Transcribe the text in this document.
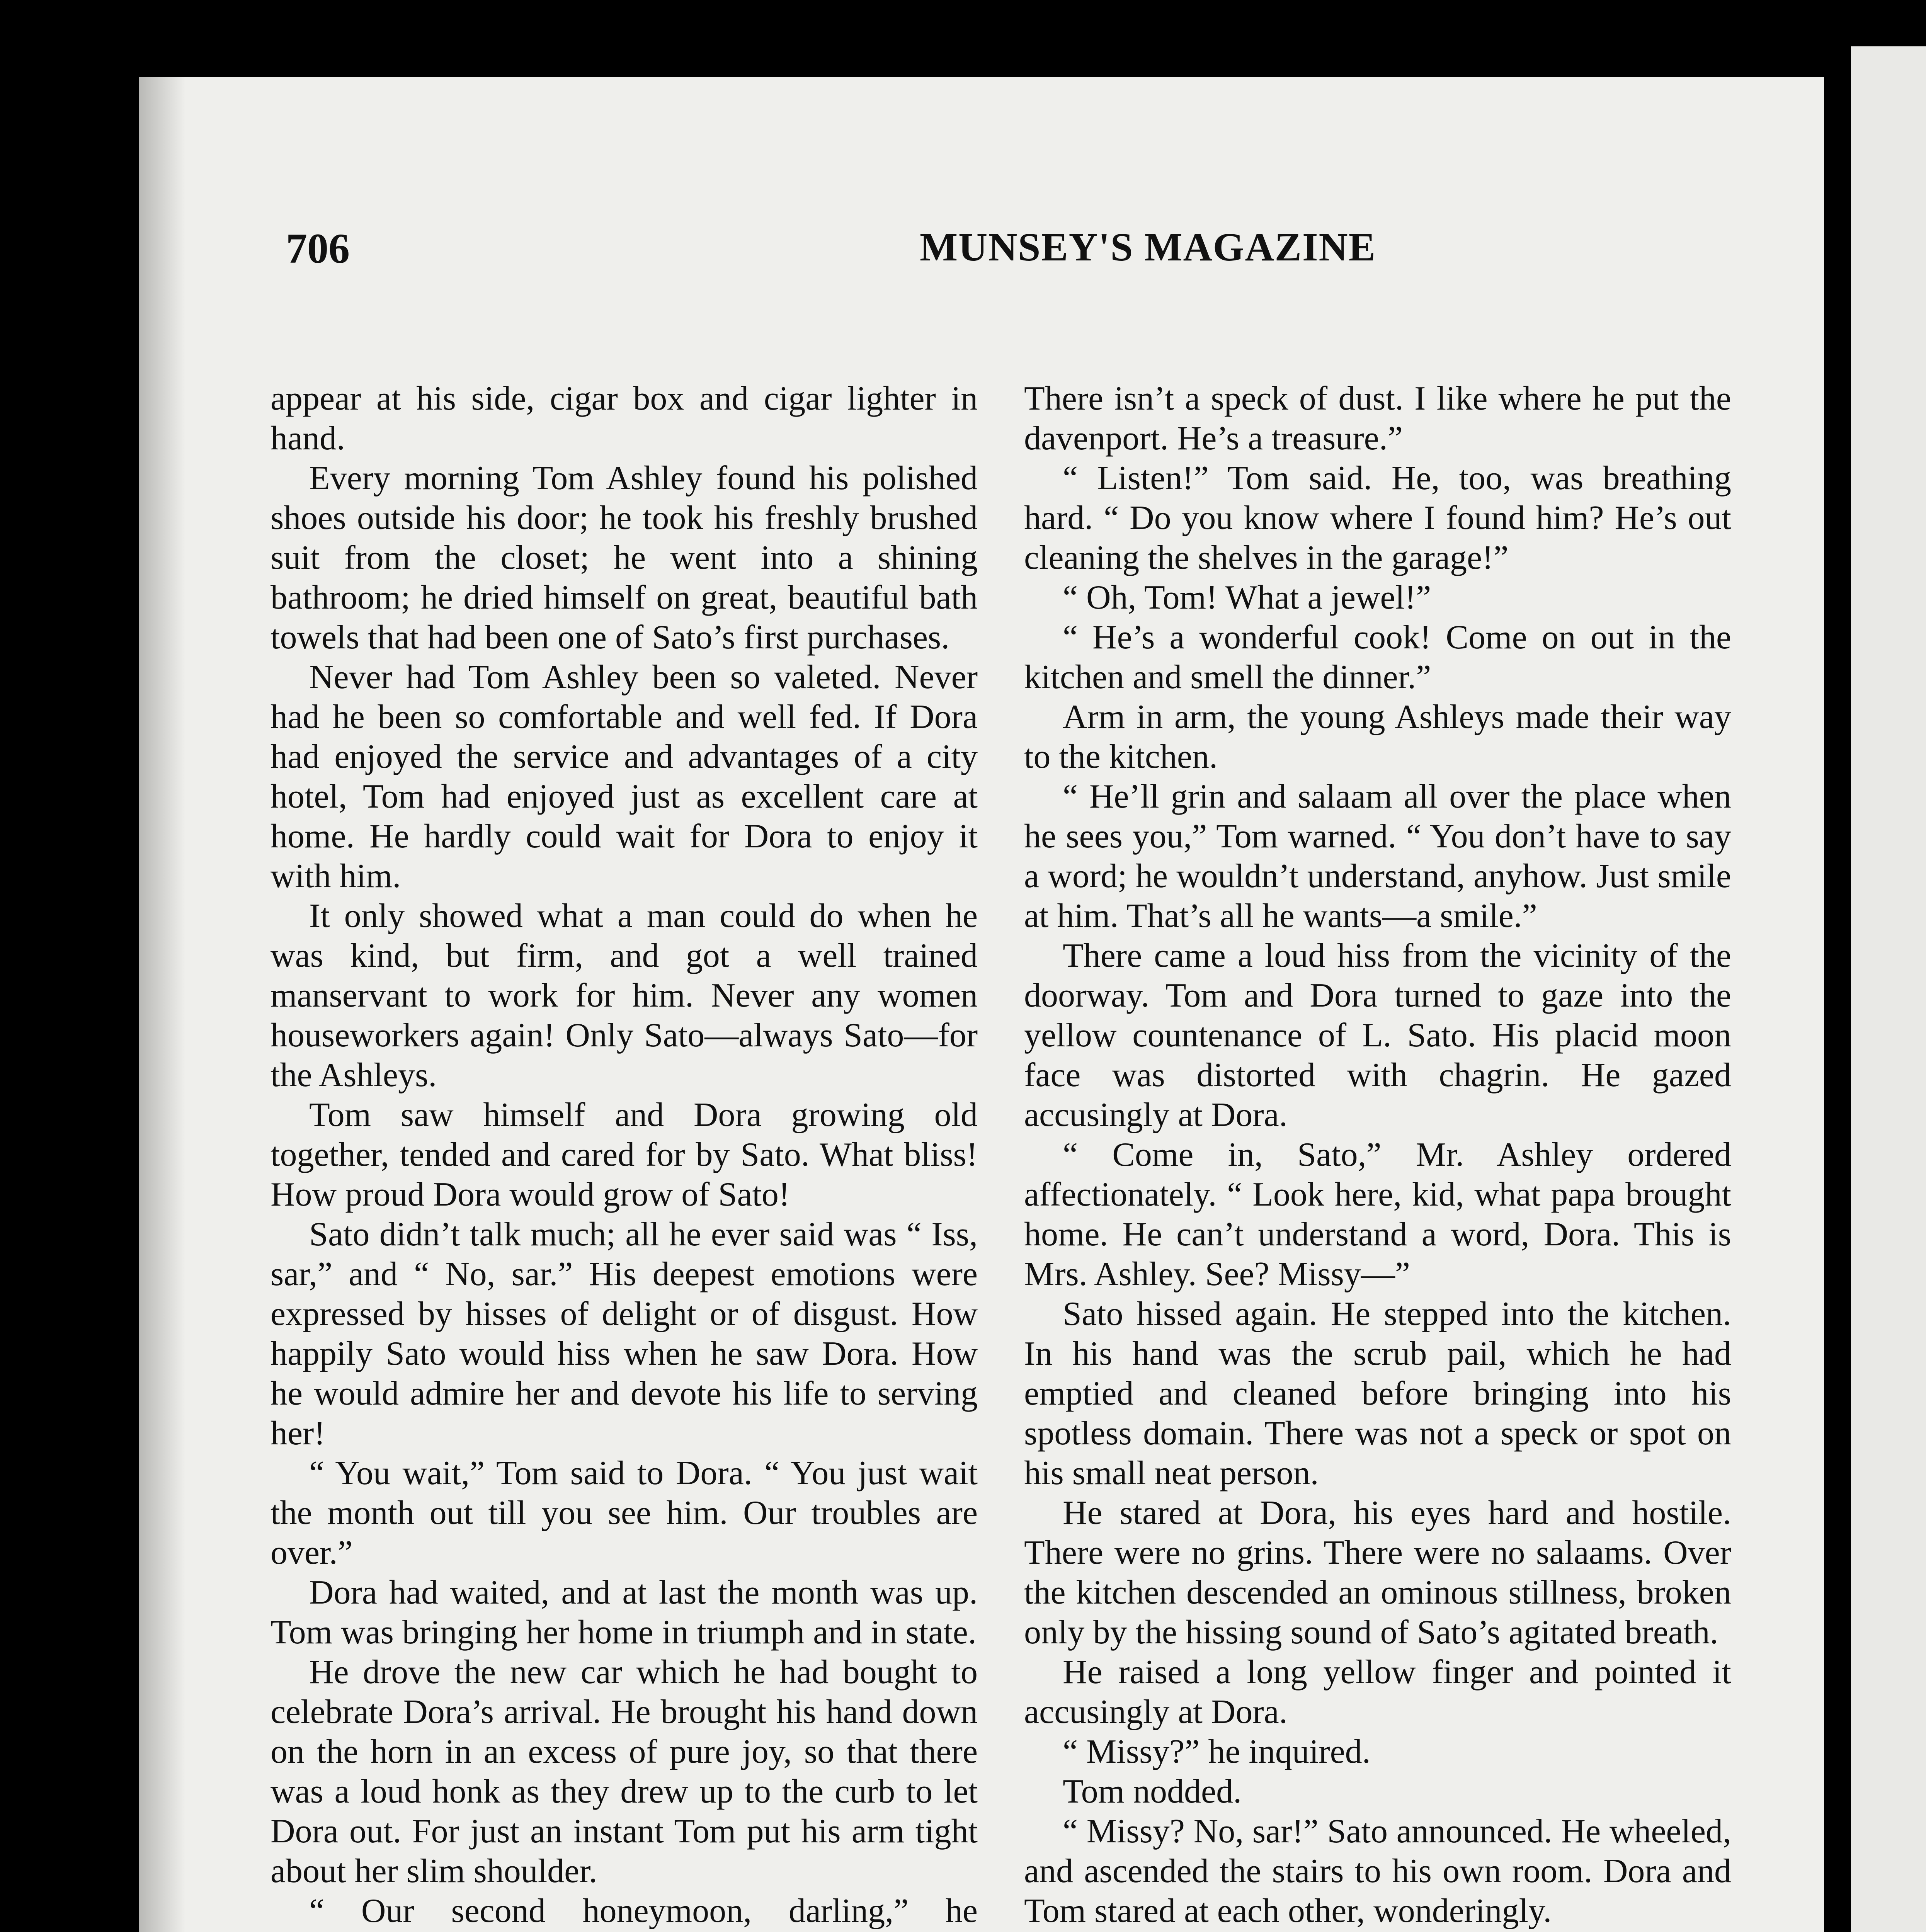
706	MUNSEY'S MAGAZINE

appear at his side, cigar box and cigar lighter in hand.

Every morning Tom Ashley found his polished shoes outside his door; he took his freshly brushed suit from the closet; he went into a shining bathroom; he dried himself on great, beautiful bath towels that had been one of Sato’s first purchases.

Never had Tom Ashley been so valeted. Never had he been so comfortable and well fed. If Dora had enjoyed the service and advantages of a city hotel, Tom had enjoyed just as excellent care at home. He hardly could wait for Dora to enjoy it with him.

It only showed what a man could do when he was kind, but firm, and got a well trained manservant to work for him. Never any women houseworkers again! Only Sato—always Sato—for the Ashleys.

Tom saw himself and Dora growing old together, tended and cared for by Sato. What bliss! How proud Dora would grow of Sato!

Sato didn’t talk much; all he ever said was “ Iss, sar,” and “ No, sar.” His deepest emotions were expressed by hisses of delight or of disgust. How happily Sato would hiss when he saw Dora. How he would admire her and devote his life to serving her!

“ You wait,” Tom said to Dora. “ You just wait the month out till you see him. Our troubles are over.”

Dora had waited, and at last the month was up. Tom was bringing her home in triumph and in state.

He drove the new car which he had bought to celebrate Dora’s arrival. He brought his hand down on the horn in an excess of pure joy, so that there was a loud honk as they drew up to the curb to let Dora out. For just an instant Tom put his arm tight about her slim shoulder.

“ Our second honeymoon, darling,” he

There isn’t a speck of dust. I like where he put the davenport. He’s a treasure.”

“ Listen!” Tom said. He, too, was breathing hard. “ Do you know where I found him? He’s out cleaning the shelves in the garage!”

“ Oh, Tom! What a jewel!”

“ He’s a wonderful cook! Come on out in the kitchen and smell the dinner.”

Arm in arm, the young Ashleys made their way to the kitchen.

“ He’ll grin and salaam all over the place when he sees you,” Tom warned. “ You don’t have to say a word; he wouldn’t understand, anyhow. Just smile at him. That’s all he wants—a smile.”

There came a loud hiss from the vicinity of the doorway. Tom and Dora turned to gaze into the yellow countenance of L. Sato. His placid moon face was distorted with chagrin. He gazed accusingly at Dora.

“ Come in, Sato,” Mr. Ashley ordered affectionately. “ Look here, kid, what papa brought home. He can’t understand a word, Dora. This is Mrs. Ashley. See? Missy—”

Sato hissed again. He stepped into the kitchen. In his hand was the scrub pail, which he had emptied and cleaned before bringing into his spotless domain. There was not a speck or spot on his small neat person.

He stared at Dora, his eyes hard and hostile. There were no grins. There were no salaams. Over the kitchen descended an ominous stillness, broken only by the hissing sound of Sato’s agitated breath.

He raised a long yellow finger and pointed it accusingly at Dora.

“ Missy?” he inquired.

Tom nodded.

“ Missy? No, sar!” Sato announced. He wheeled, and ascended the stairs to his own room. Dora and Tom stared at each other, wonderingly.
